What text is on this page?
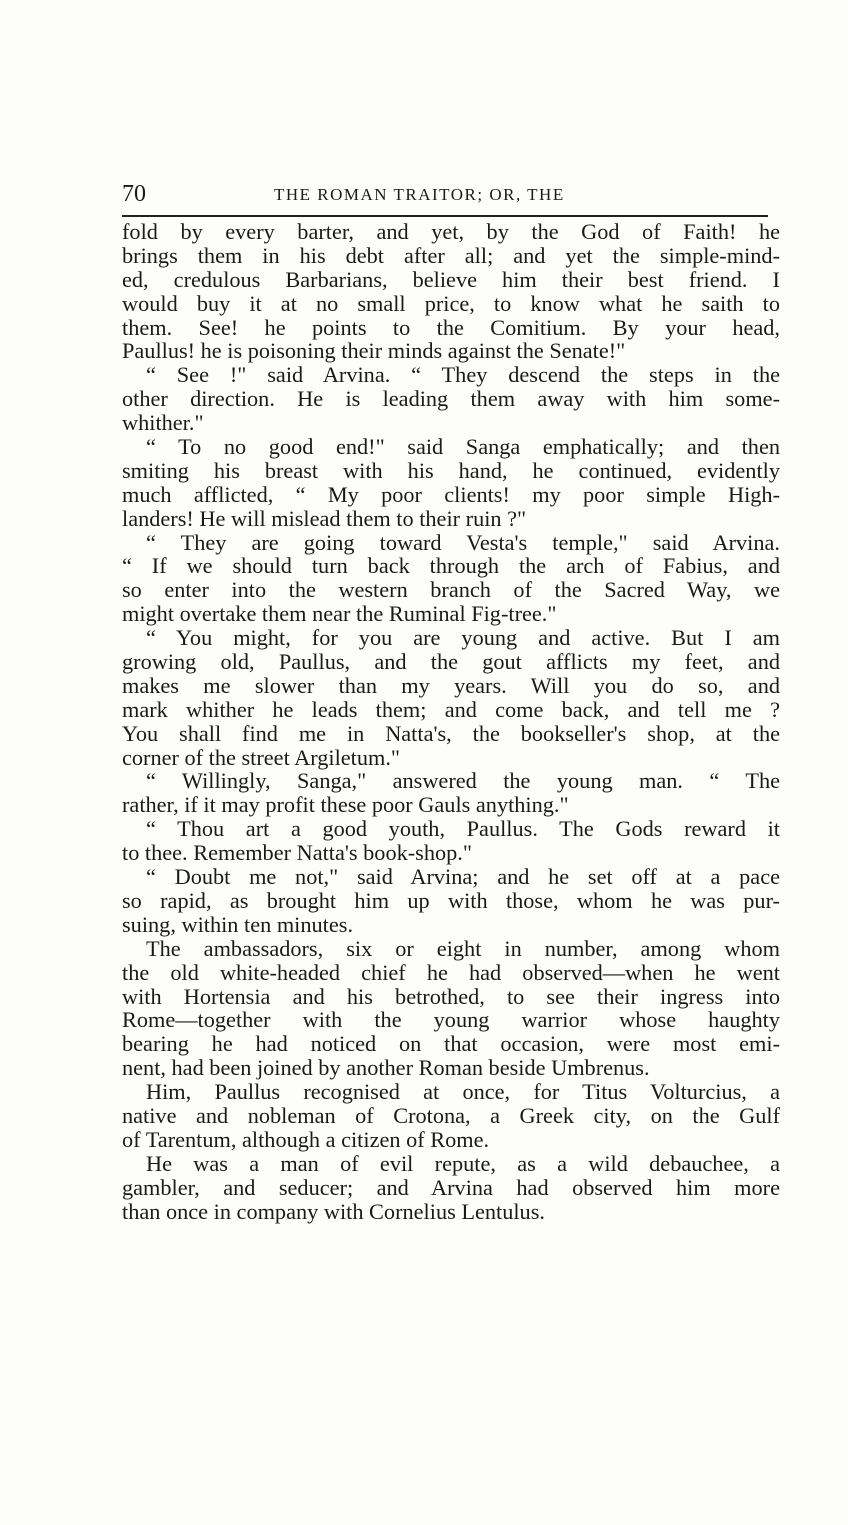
70	THE ROMAN TRAITOR; OR, THE
fold by every barter, and yet, by the God of Faith! he
brings them in his debt after all; and yet the simple-mind-
ed, credulous Barbarians, believe him their best friend. I
would buy it at no small price, to know what he saith to
them. See! he points to the Comitium. By your head,
Paullus! he is poisoning their minds against the Senate!"
“ See !" said Arvina. “ They descend the steps in the
other direction. He is leading them away with him some-
whither."
“ To no good end!" said Sanga emphatically; and then
smiting his breast with his hand, he continued, evidently
much afflicted, “ My poor clients! my poor simple High-
landers! He will mislead them to their ruin ?"
“ They are going toward Vesta's temple," said Arvina.
“ If we should turn back through the arch of Fabius, and
so enter into the western branch of the Sacred Way, we
might overtake them near the Ruminal Fig-tree."
“ You might, for you are young and active. But I am
growing old, Paullus, and the gout afflicts my feet, and
makes me slower than my years. Will you do so, and
mark whither he leads them; and come back, and tell me ?
You shall find me in Natta's, the bookseller's shop, at the
corner of the street Argiletum."
“ Willingly, Sanga," answered the young man. “ The
rather, if it may profit these poor Gauls anything."
“ Thou art a good youth, Paullus. The Gods reward it
to thee. Remember Natta's book-shop."
“ Doubt me not," said Arvina; and he set off at a pace
so rapid, as brought him up with those, whom he was pur-
suing, within ten minutes.
The ambassadors, six or eight in number, among whom
the old white-headed chief he had observed—when he went
with Hortensia and his betrothed, to see their ingress into
Rome—together with the young warrior whose haughty
bearing he had noticed on that occasion, were most emi-
nent, had been joined by another Roman beside Umbrenus.
Him, Paullus recognised at once, for Titus Volturcius, a
native and nobleman of Crotona, a Greek city, on the Gulf
of Tarentum, although a citizen of Rome.
He was a man of evil repute, as a wild debauchee, a
gambler, and seducer; and Arvina had observed him more
than once in company with Cornelius Lentulus.
